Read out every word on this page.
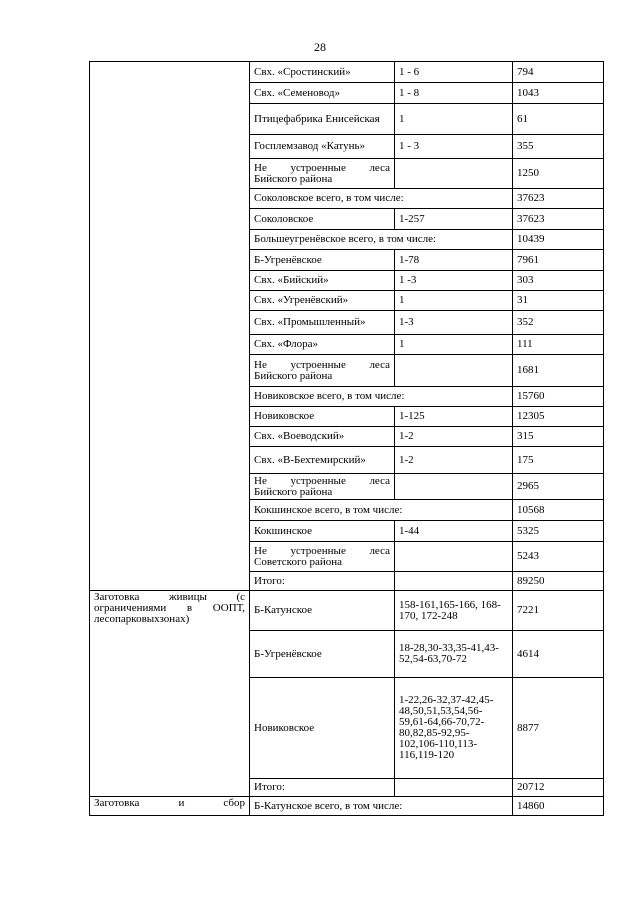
28
	Свх. «Сростинский»	1 - 6	794
	Свх. «Семеновод»	1 - 8	1043
	Птицефабрика Енисейская	1	61
	Госплемзавод «Катунь»	1 - 3	355
	Не устроенные леса Бийского района		1250
	Соколовское всего, в том числе:		37623
	Соколовское	1-257	37623
	Большеугренёвское всего, в том числе:		10439
	Б-Угренёвское	1-78	7961
	Свх. «Бийский»	1 -3	303
	Свх. «Угренёвский»	1	31
	Свх. «Промышленный»	1-3	352
	Свх. «Флора»	1	111
	Не устроенные леса Бийского района		1681
	Новиковское всего, в том числе:		15760
	Новиковское	1-125	12305
	Свх. «Воеводский»	1-2	315
	Свх. «В-Бехтемирский»	1-2	175
	Не устроенные леса Бийского района		2965
	Кокшинское всего, в том числе:		10568
	Кокшинское	1-44	5325
	Не устроенные леса Советского района		5243
	Итого:		89250
Заготовка живицы (с ограничениями в ООПТ, лесопарковыхзонах)	Б-Катунское	158-161,165-166, 168-170, 172-248	7221
	Б-Угренёвское	18-28,30-33,35-41,43-52,54-63,70-72	4614
	Новиковское	1-22,26-32,37-42,45-48,50,51,53,54,56-59,61-64,66-70,72-80,82,85-92,95-102,106-110,113-116,119-120	8877
	Итого:		20712
Заготовка и сбор	Б-Катунское всего, в том числе:		14860
